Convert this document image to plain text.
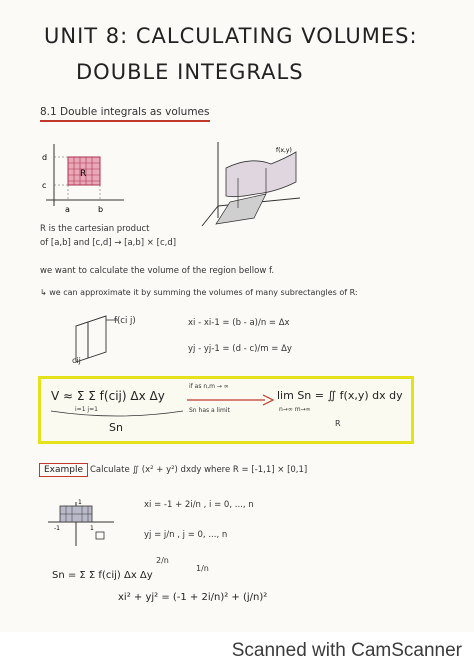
UNIT 8: CALCULATING VOLUMES:
DOUBLE INTEGRALS
8.1 Double integrals as volumes
d
c
a	b
R
f(x,y)
R is the cartesian product
of [a,b] and [c,d] → [a,b] × [c,d]
we want to calculate the volume of the region bellow f.
↳ we can approximate it by summing the volumes of many subrectangles of R:
f(ci j)
cij
xi - xi-1 = (b - a)/n = Δx
yj - yj-1 = (d - c)/m = Δy
V ≈ Σ Σ f(cij) Δx Δy
i=1 j=1
Sn
if as n,m → ∞
Sn has a limit
lim Sn = ∬ f(x,y) dx dy
n→∞ m→∞
R
Example Calculate ∬ (x² + y²) dxdy where R = [-1,1] × [0,1]
-1	1
1	xi = -1 + 2i/n , i = 0, ..., n
yj = j/n , j = 0, ..., n
2/n
1/n
Sn = Σ Σ f(cij) Δx Δy
xi² + yj² = (-1 + 2i/n)² + (j/n)²
Scanned with CamScanner
